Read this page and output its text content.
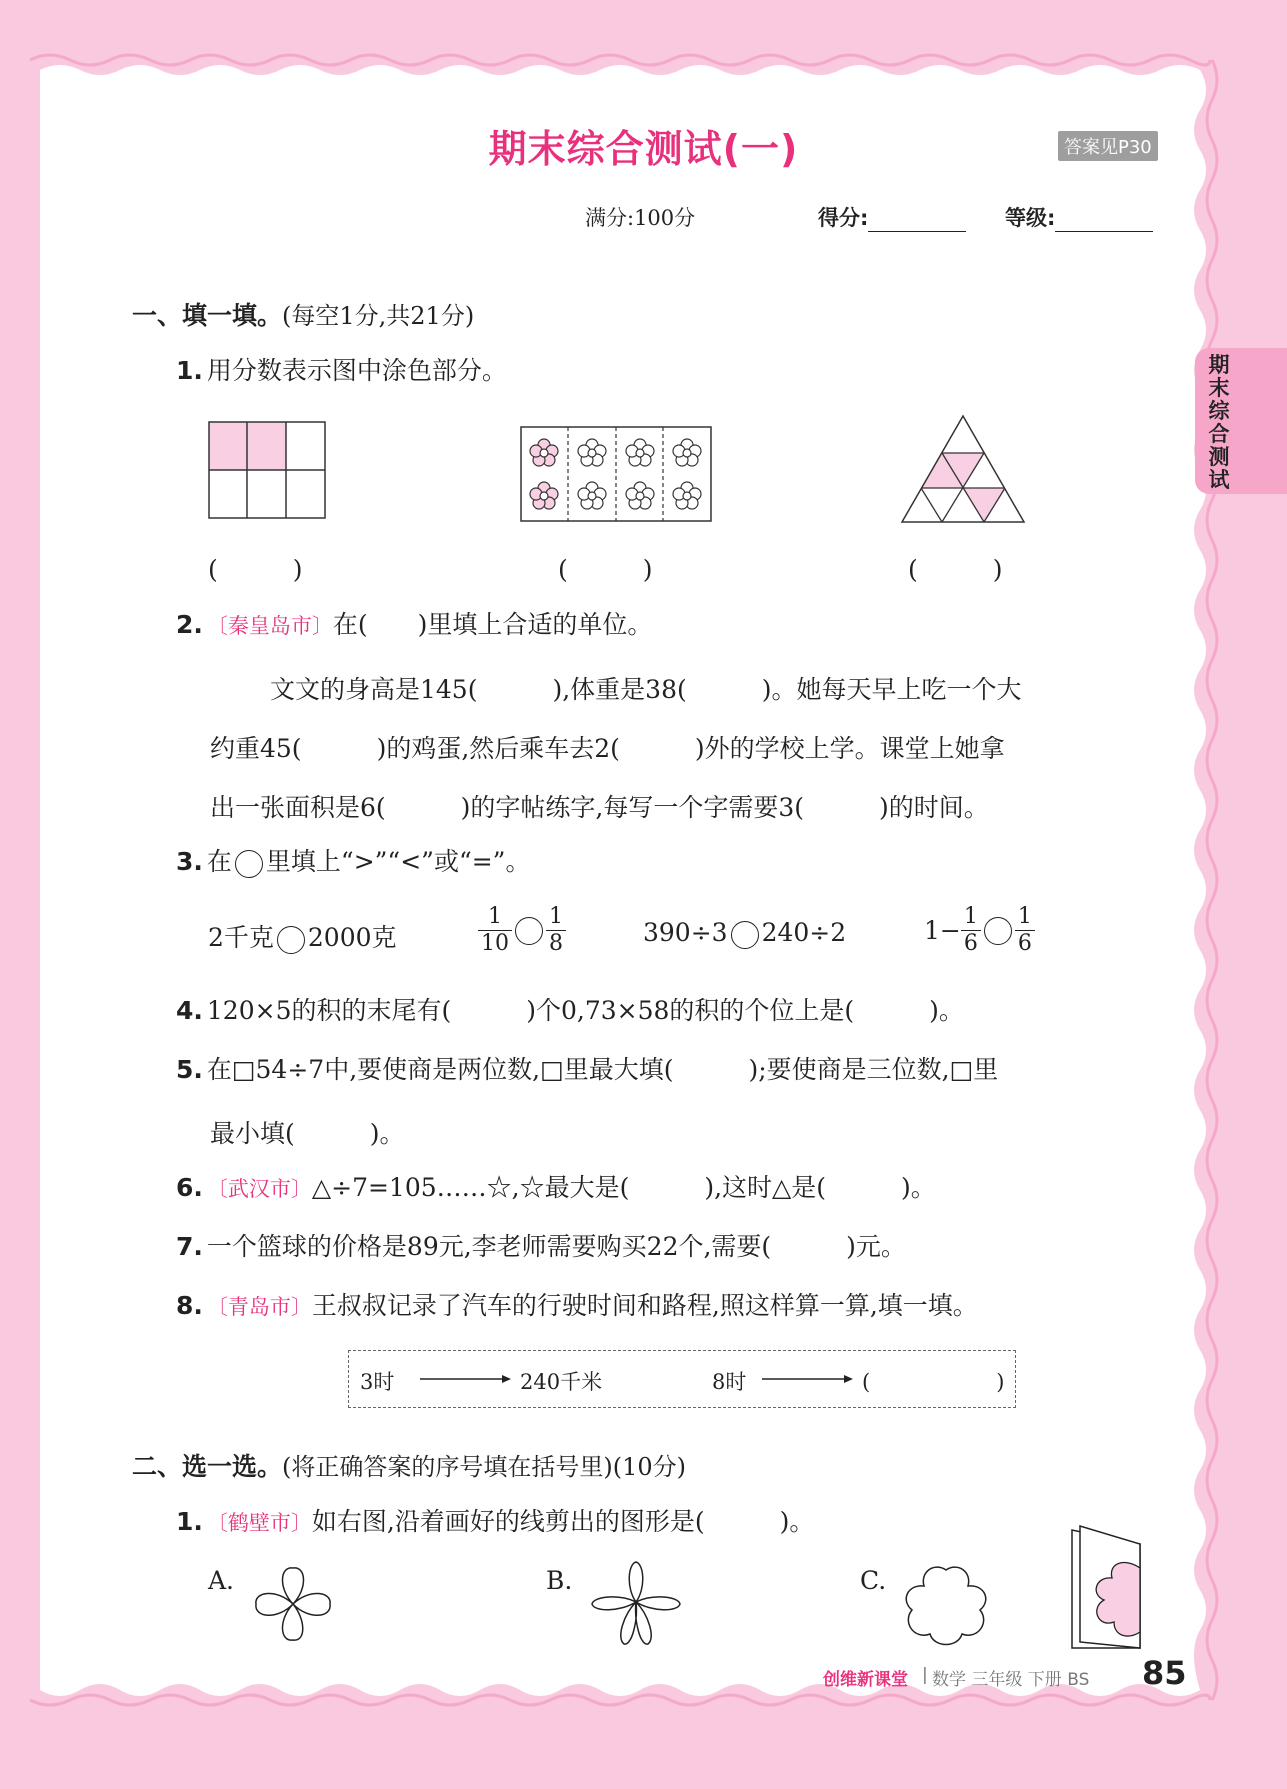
期末综合测试
期末综合测试(一)	答案见P30
满分:100分	得分:	等级:
一、填一填。(每空1分,共21分)
1. 用分数表示图中涂色部分。
(　　　)	(　　　)	(　　　)
2. 〔秦皇岛市〕在(　　)里填上合适的单位。
文文的身高是145(　　　),体重是38(　　　)。她每天早上吃一个大
约重45(　　　)的鸡蛋,然后乘车去2(　　　)外的学校上学。课堂上她拿
出一张面积是6(　　　)的字帖练字,每写一个字需要3(　　　)的时间。
3. 在 里填上“>”“<”或“=”。
2千克 2000克	$\frac{1}{10} \frac{1}{8}$	390÷3 240÷2	$1- \frac{1}{6} \frac{1}{6}$
4. 120×5的积的末尾有(　　　)个0,73×58的积的个位上是(　　　)。
5. 在□54÷7中,要使商是两位数,□里最大填(　　　);要使商是三位数,□里
最小填(　　　)。
6. 〔武汉市〕△÷7=105……☆,☆最大是(　　　),这时△是(　　　)。
7. 一个篮球的价格是89元,李老师需要购买22个,需要(　　　)元。
8. 〔青岛市〕王叔叔记录了汽车的行驶时间和路程,照这样算一算,填一填。
3时	240千米	8时	(　　　　　　)
二、选一选。(将正确答案的序号填在括号里)(10分)
1. 〔鹤壁市〕如右图,沿着画好的线剪出的图形是(　　　)。
A.	B.	C.
创维新课堂 | 数学 三年级 下册 BS 85
